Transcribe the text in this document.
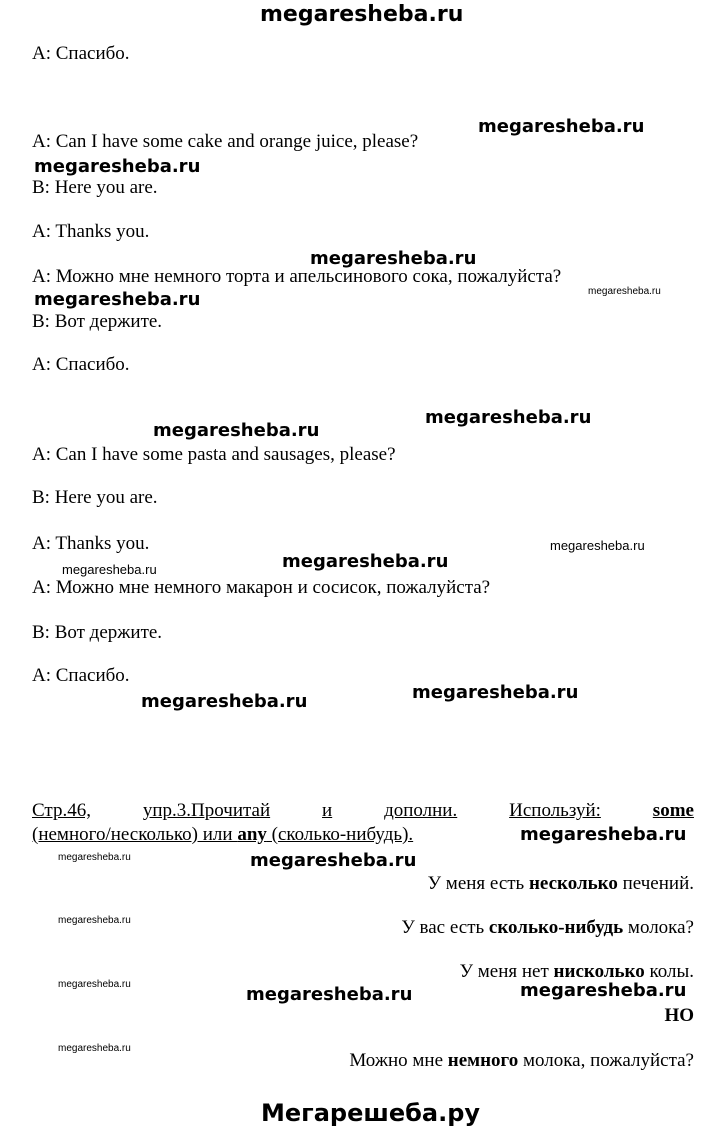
megaresheba.ru
A: Спасибо.
megaresheba.ru
A: Can I have some cake and orange juice, please?
megaresheba.ru
B: Here you are.
A: Thanks you.
megaresheba.ru
A: Можно мне немного торта и апельсинового сока, пожалуйста?
megaresheba.ru	megaresheba.ru
B: Вот держите.
A: Спасибо.
megaresheba.ru
megaresheba.ru
A: Can I have some pasta and sausages, please?
B: Here you are.
A: Thanks you.	megaresheba.ru
megaresheba.ru
megaresheba.ru
A: Можно мне немного макарон и сосисок, пожалуйста?
B: Вот держите.
A: Спасибо.
megaresheba.ru
megaresheba.ru
Стр.46,	упр.3.Прочитай	и	дополни.	Используй:	some
(немного/несколько) или any (сколько-нибудь).	megaresheba.ru
megaresheba.ru	megaresheba.ru
У меня есть несколько печений.
megaresheba.ru	У вас есть сколько-нибудь молока?
megaresheba.ru
У меня нет нисколько колы.
megaresheba.ru	megaresheba.ru
НО
megaresheba.ru
Можно мне немного молока, пожалуйста?
Мегарешеба.ру
